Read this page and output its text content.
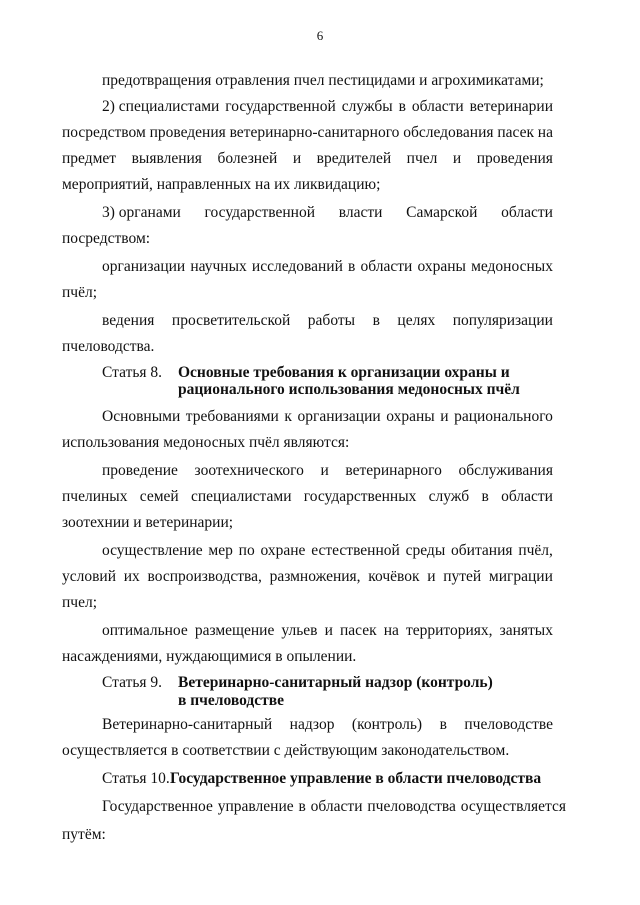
6
предотвращения отравления пчел пестицидами и агрохимикатами;
2) специалистами государственной службы в области ветеринарии
посредством проведения ветеринарно-санитарного обследования пасек на
предмет выявления болезней и вредителей пчел и проведения
мероприятий, направленных на их ликвидацию;
3) органами государственной власти Самарской области
посредством:
организации научных исследований в области охраны медоносных
пчёл;
ведения просветительской работы в целях популяризации
пчеловодства.
Статья 8. Основные требования к организации охраны и
рационального использования медоносных пчёл
Основными требованиями к организации охраны и рационального
использования медоносных пчёл являются:
проведение зоотехнического и ветеринарного обслуживания
пчелиных семей специалистами государственных служб в области
зоотехнии и ветеринарии;
осуществление мер по охране естественной среды обитания пчёл,
условий их воспроизводства, размножения, кочёвок и путей миграции
пчел;
оптимальное размещение ульев и пасек на территориях, занятых
насаждениями, нуждающимися в опылении.
Статья 9. Ветеринарно-санитарный надзор (контроль)
в пчеловодстве
Ветеринарно-санитарный надзор (контроль) в пчеловодстве
осуществляется в соответствии с действующим законодательством.
Статья 10. Государственное управление в области пчеловодства
Государственное управление в области пчеловодства осуществляется
путём:
